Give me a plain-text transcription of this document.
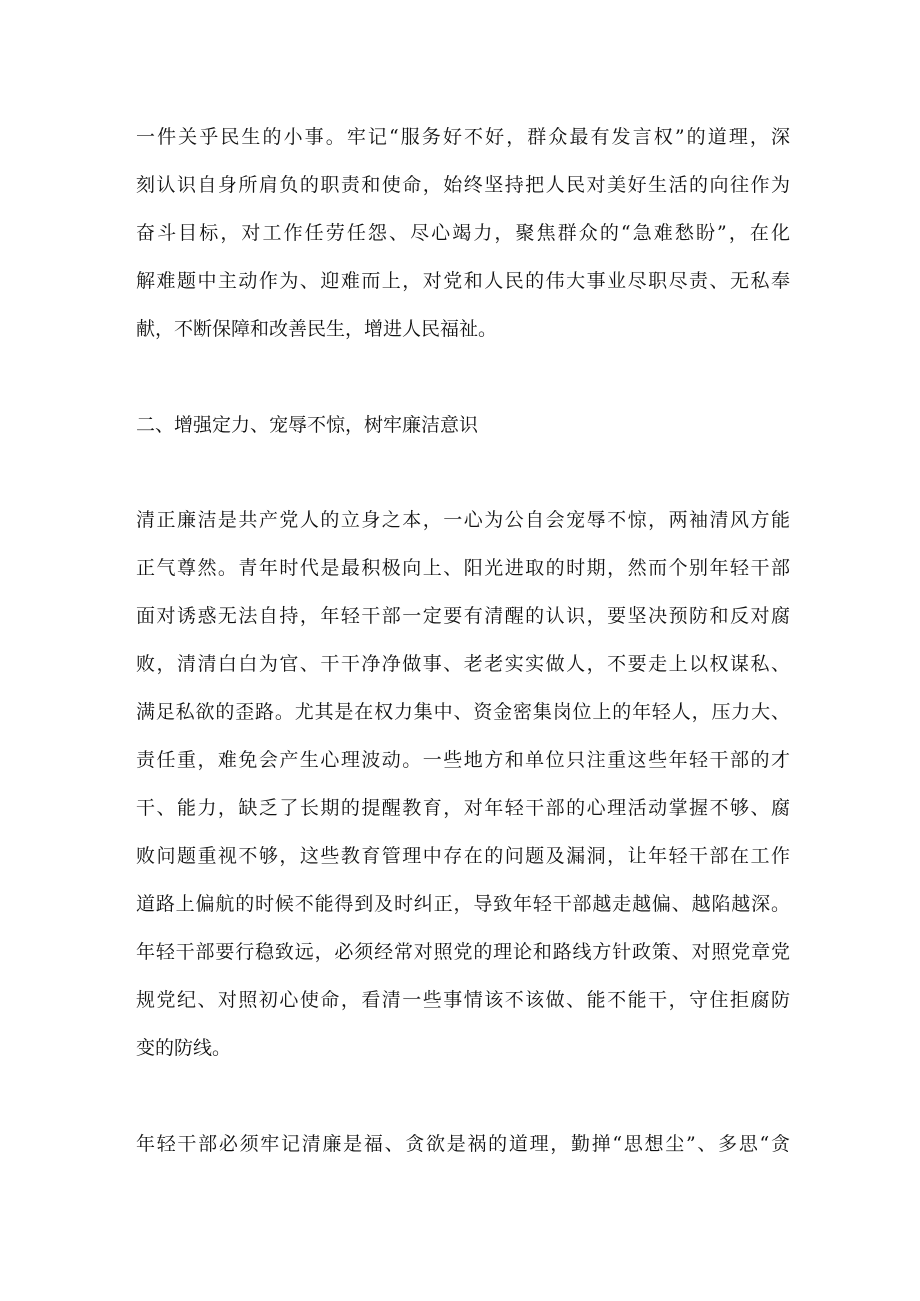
一件关乎民生的小事。牢记“服务好不好，群众最有发言权”的道理，深
刻认识自身所肩负的职责和使命，始终坚持把人民对美好生活的向往作为
奋斗目标，对工作任劳任怨、尽心竭力，聚焦群众的“急难愁盼”，在化
解难题中主动作为、迎难而上，对党和人民的伟大事业尽职尽责、无私奉
献，不断保障和改善民生，增进人民福祉。
二、增强定力、宠辱不惊，树牢廉洁意识
清正廉洁是共产党人的立身之本，一心为公自会宠辱不惊，两袖清风方能
正气尊然。青年时代是最积极向上、阳光进取的时期，然而个别年轻干部
面对诱惑无法自持，年轻干部一定要有清醒的认识，要坚决预防和反对腐
败，清清白白为官、干干净净做事、老老实实做人，不要走上以权谋私、
满足私欲的歪路。尤其是在权力集中、资金密集岗位上的年轻人，压力大、
责任重，难免会产生心理波动。一些地方和单位只注重这些年轻干部的才
干、能力，缺乏了长期的提醒教育，对年轻干部的心理活动掌握不够、腐
败问题重视不够，这些教育管理中存在的问题及漏洞，让年轻干部在工作
道路上偏航的时候不能得到及时纠正，导致年轻干部越走越偏、越陷越深。
年轻干部要行稳致远，必须经常对照党的理论和路线方针政策、对照党章党
规党纪、对照初心使命，看清一些事情该不该做、能不能干，守住拒腐防
变的防线。
年轻干部必须牢记清廉是福、贪欲是祸的道理，勤掸“思想尘”、多思“贪
